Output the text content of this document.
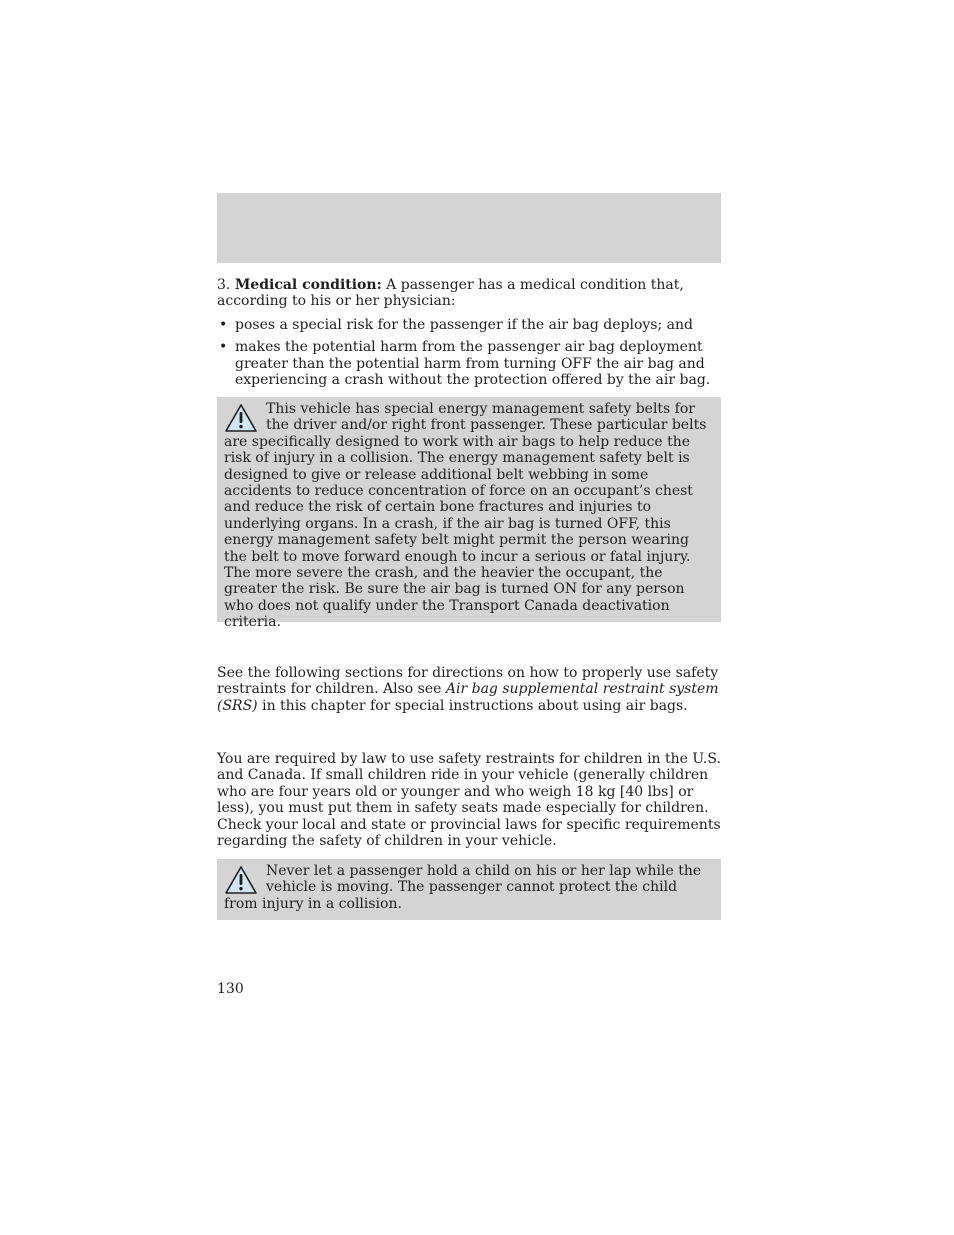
3. Medical condition: A passenger has a medical condition that, according to his or her physician:
• poses a special risk for the passenger if the air bag deploys; and
• makes the potential harm from the passenger air bag deployment greater than the potential harm from turning OFF the air bag and experiencing a crash without the protection offered by the air bag.
This vehicle has special energy management safety belts for the driver and/or right front passenger. These particular belts are specifically designed to work with air bags to help reduce the risk of injury in a collision. The energy management safety belt is designed to give or release additional belt webbing in some accidents to reduce concentration of force on an occupant’s chest and reduce the risk of certain bone fractures and injuries to underlying organs. In a crash, if the air bag is turned OFF, this energy management safety belt might permit the person wearing the belt to move forward enough to incur a serious or fatal injury. The more severe the crash, and the heavier the occupant, the greater the risk. Be sure the air bag is turned ON for any person who does not qualify under the Transport Canada deactivation criteria.
See the following sections for directions on how to properly use safety restraints for children. Also see Air bag supplemental restraint system (SRS) in this chapter for special instructions about using air bags.
You are required by law to use safety restraints for children in the U.S. and Canada. If small children ride in your vehicle (generally children who are four years old or younger and who weigh 18 kg [40 lbs] or less), you must put them in safety seats made especially for children. Check your local and state or provincial laws for specific requirements regarding the safety of children in your vehicle.
Never let a passenger hold a child on his or her lap while the vehicle is moving. The passenger cannot protect the child from injury in a collision.
130
